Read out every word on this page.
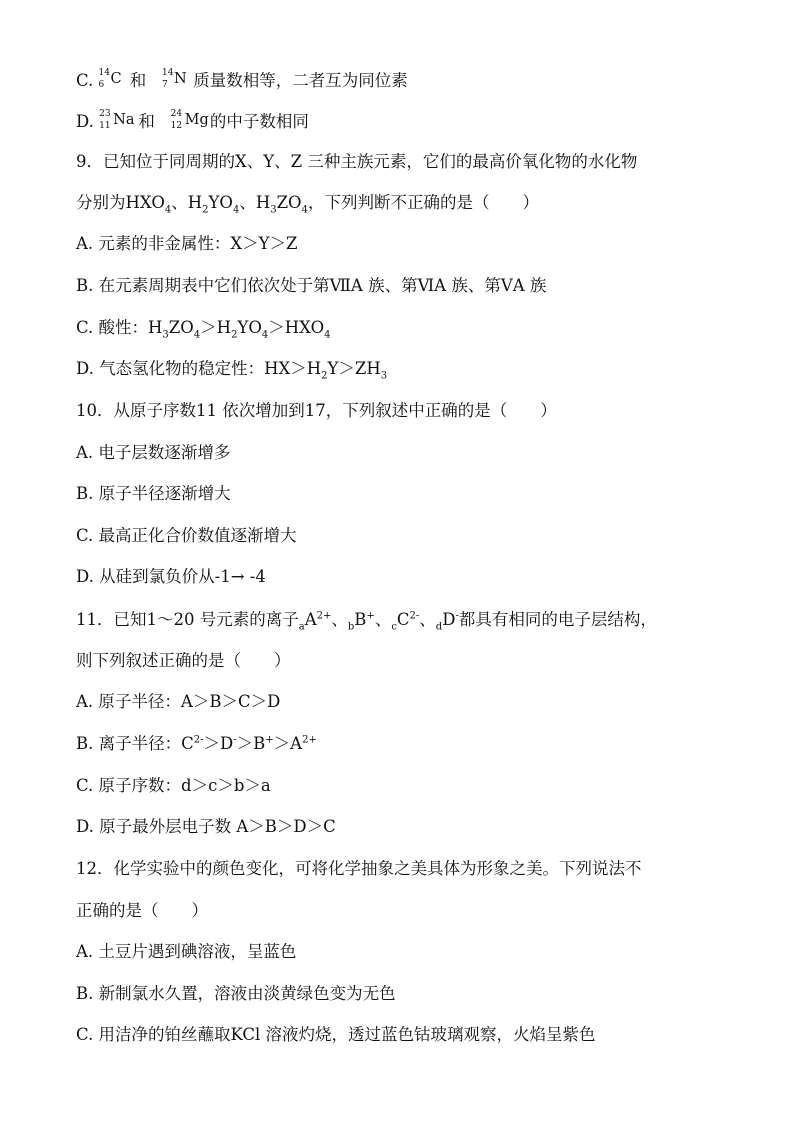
C. 14
6 C 和 14
7 N 质量数相等，二者互为同位素
D. 23
11 Na 和 24
12 Mg 的中子数相同
9．已知位于同周期的X、Y、Z 三种主族元素，它们的最高价氧化物的水化物
分别为$HXO_4$、$H_2YO_4$、$H_3ZO_4$，下列判断不正确的是（　　）
A. 元素的非金属性：X＞Y＞Z
B. 在元素周期表中它们依次处于第ⅦA 族、第ⅥA 族、第ⅤA 族
C. 酸性：$H_3ZO_4>H_2YO_4>HXO_4$
D. 气态氢化物的稳定性：$HX>H_2Y>ZH_3$
10．从原子序数11 依次增加到17，下列叙述中正确的是（　　）
A. 电子层数逐渐增多
B. 原子半径逐渐增大
C. 最高正化合价数值逐渐增大
D. 从硅到氯负价从-1→ -4
11．已知1～20 号元素的离子$_aA^{2+}$、$_b$B+、$_cC^{2-}$、$_d$D-都具有相同的电子层结构，
则下列叙述正确的是（　　）
A. 原子半径：A＞B＞C＞D
B. 离子半径：$C^{2-}>D^->B^+>A^{2+}$
C. 原子序数：d＞c＞b＞a
D. 原子最外层电子数 A＞B＞D＞C
12．化学实验中的颜色变化，可将化学抽象之美具体为形象之美。下列说法不
正确的是（　　）
A. 土豆片遇到碘溶液，呈蓝色
B. 新制氯水久置，溶液由淡黄绿色变为无色
C. 用洁净的铂丝蘸取KCl 溶液灼烧，透过蓝色钴玻璃观察，火焰呈紫色
